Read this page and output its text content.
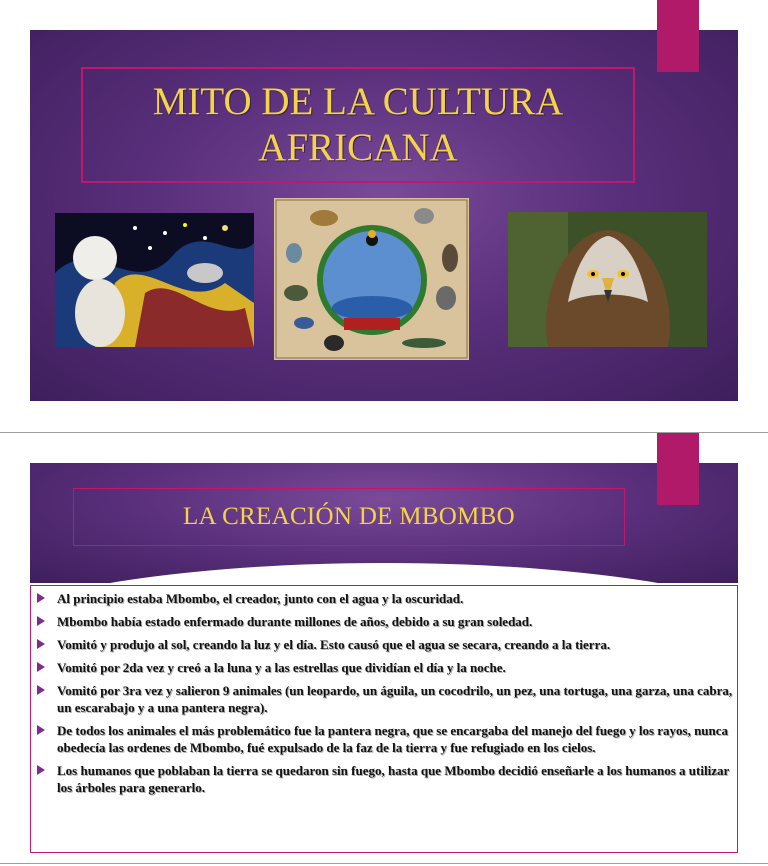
MITO DE LA CULTURA
AFRICANA
LA CREACIÓN DE MBOMBO
Al principio estaba Mbombo, el creador, junto con el agua y la oscuridad.
Mbombo había estado enfermado durante millones de años, debido a su gran soledad.
Vomitó y produjo al sol, creando la luz y el día. Esto causó que el agua se secara, creando a la tierra.
Vomitó por 2da vez y creó a la luna y a las estrellas que dividían el día y la noche.
Vomitó por 3ra vez y salieron 9 animales (un leopardo, un águila, un cocodrilo, un pez, una tortuga, una garza, una cabra, un escarabajo y a una pantera negra).
De todos los animales el más problemático fue la pantera negra, que se encargaba del manejo del fuego y los rayos, nunca obedecía las ordenes de Mbombo, fué expulsado de la faz de la tierra y fue refugiado en los cielos.
Los humanos que poblaban la tierra se quedaron sin fuego, hasta que Mbombo decidió enseñarle a los humanos a utilizar los árboles para generarlo.
